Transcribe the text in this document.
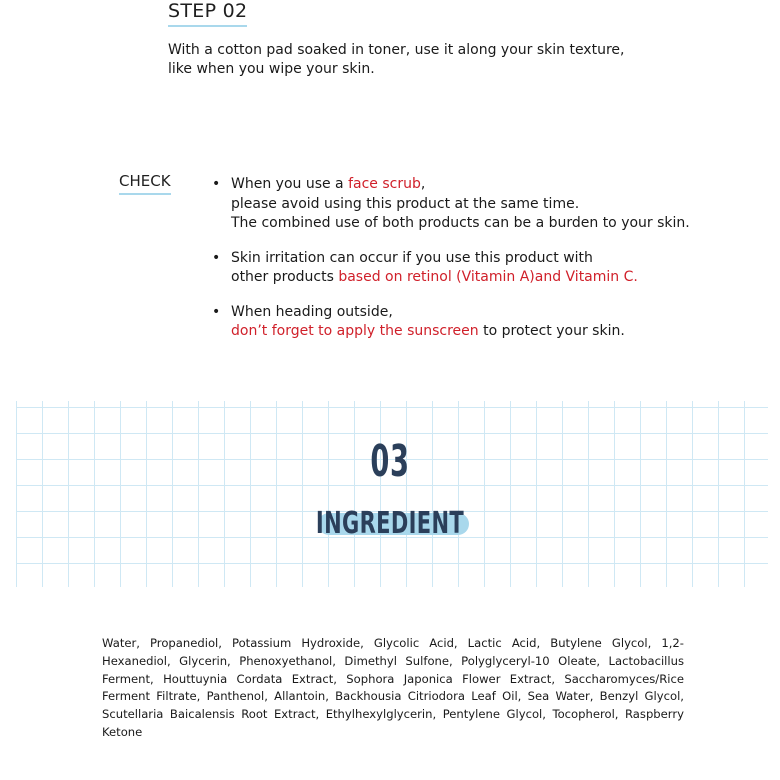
STEP 02
With a cotton pad soaked in toner, use it along your skin texture,
like when you wipe your skin.
CHECK	• When you use a face scrub,
please avoid using this product at the same time.
The combined use of both products can be a burden to your skin.
• Skin irritation can occur if you use this product with
other products based on retinol (Vitamin A)and Vitamin C.
• When heading outside,
don’t forget to apply the sunscreen to protect your skin.
03
INGREDIENT
Water, Propanediol, Potassium Hydroxide, Glycolic Acid, Lactic Acid, Butylene Glycol, 1,2-Hexanediol, Glycerin, Phenoxyethanol, Dimethyl Sulfone, Polyglyceryl-10 Oleate, Lactobacillus Ferment, Houttuynia Cordata Extract, Sophora Japonica Flower Extract, Saccharomyces/Rice Ferment Filtrate, Panthenol, Allantoin, Backhousia Citriodora Leaf Oil, Sea Water, Benzyl Glycol, Scutellaria Baicalensis Root Extract, Ethylhexylglycerin, Pentylene Glycol, Tocopherol, Raspberry Ketone
